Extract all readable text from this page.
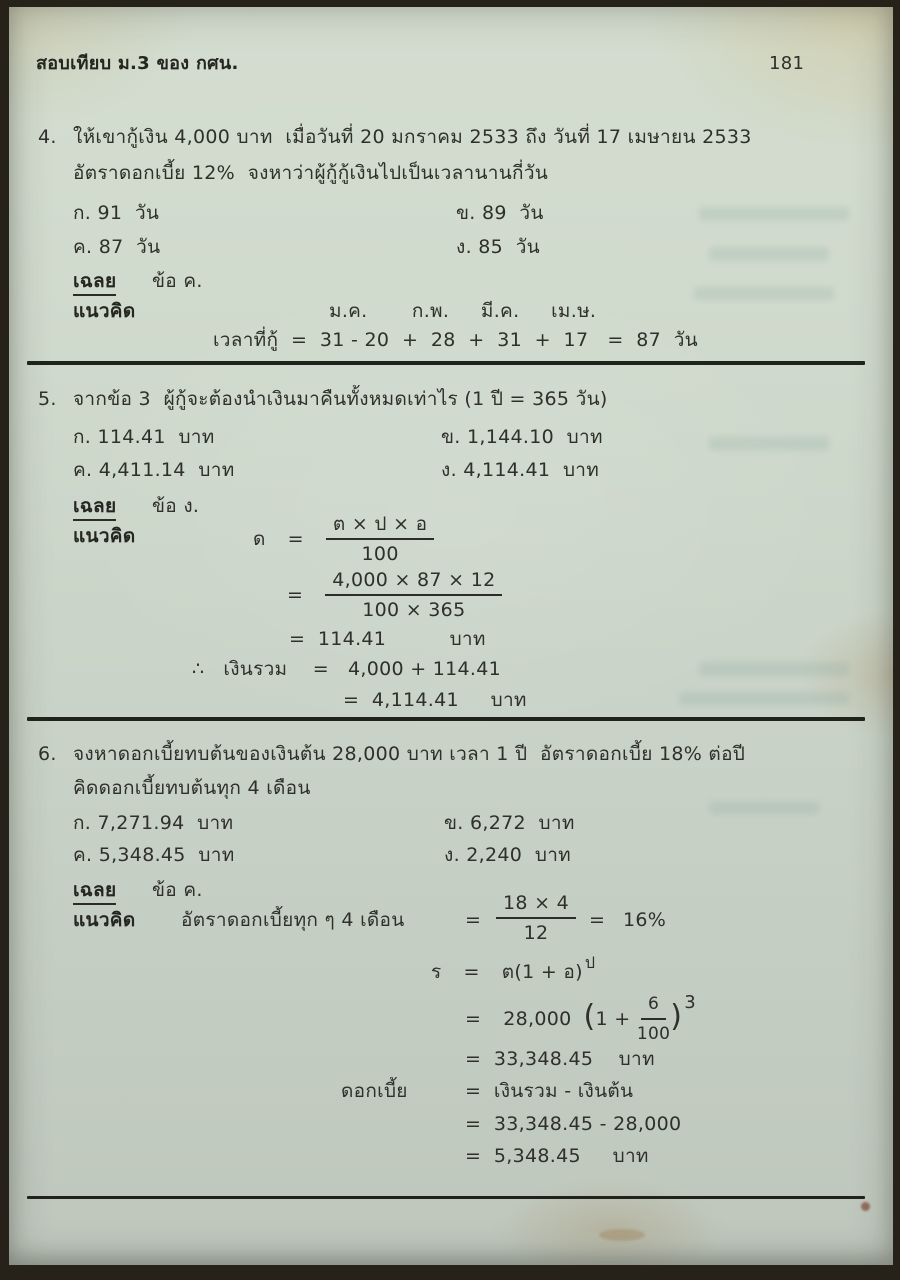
สอบเทียบ ม.3 ของ กศน.	181
4. ให้เขากู้เงิน 4,000 บาท  เมื่อวันที่ 20 มกราคม 2533 ถึง วันที่ 17 เมษายน 2533
อัตราดอกเบี้ย 12%  จงหาว่าผู้กู้กู้เงินไปเป็นเวลานานกี่วัน
ก. 91  วัน	ข. 89  วัน
ค. 87  วัน	ง. 85  วัน
เฉลย ข้อ ค.
แนวคิด	ม.ค.       ก.พ.     มี.ค.     เม.ษ.
เวลาที่กู้  =  31 - 20  +  28  +  31  +  17   =  87  วัน
5. จากข้อ 3  ผู้กู้จะต้องนำเงินมาคืนทั้งหมดเท่าไร (1 ปี = 365 วัน)
ก. 114.41  บาท	ข. 1,144.10  บาท
ค. 4,411.14  บาท	ง. 4,114.41  บาท
เฉลย ข้อ ง.
แนวคิด	ด = $\frac{\text{ต × ป × อ}}{100}$
= $\frac{4,000 \times 87 \times 12}{100 \times 365}$
=  114.41          บาท
∴   เงินรวม    =   4,000 + 114.41
=  4,114.41     บาท
6. จงหาดอกเบี้ยทบต้นของเงินต้น 28,000 บาท เวลา 1 ปี  อัตราดอกเบี้ย 18% ต่อปี
คิดดอกเบี้ยทบต้นทุก 4 เดือน
ก. 7,271.94  บาท	ข. 6,272  บาท
ค. 5,348.45  บาท	ง. 2,240  บาท
เฉลย ข้อ ค.
แนวคิด อัตราดอกเบี้ยทุก ๆ 4 เดือน	= $\frac{18 \times 4}{12} = 16\%$
ร = ต(1 + อ)$^ป$
= 28,000 ( $1 + \frac{6}{100} )^3$
=  33,348.45    บาท
ดอกเบี้ย	=  เงินรวม - เงินต้น
=  33,348.45 - 28,000
=  5,348.45     บาท
